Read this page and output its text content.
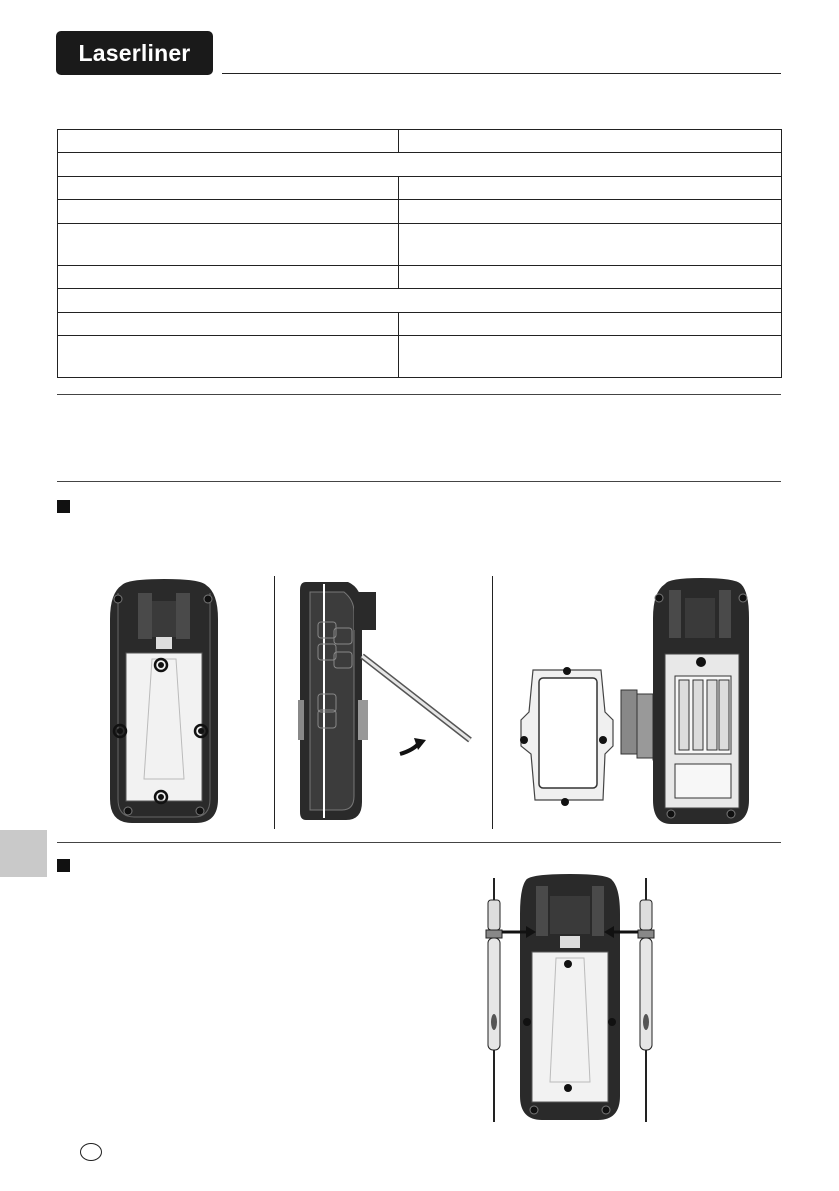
Laserliner
